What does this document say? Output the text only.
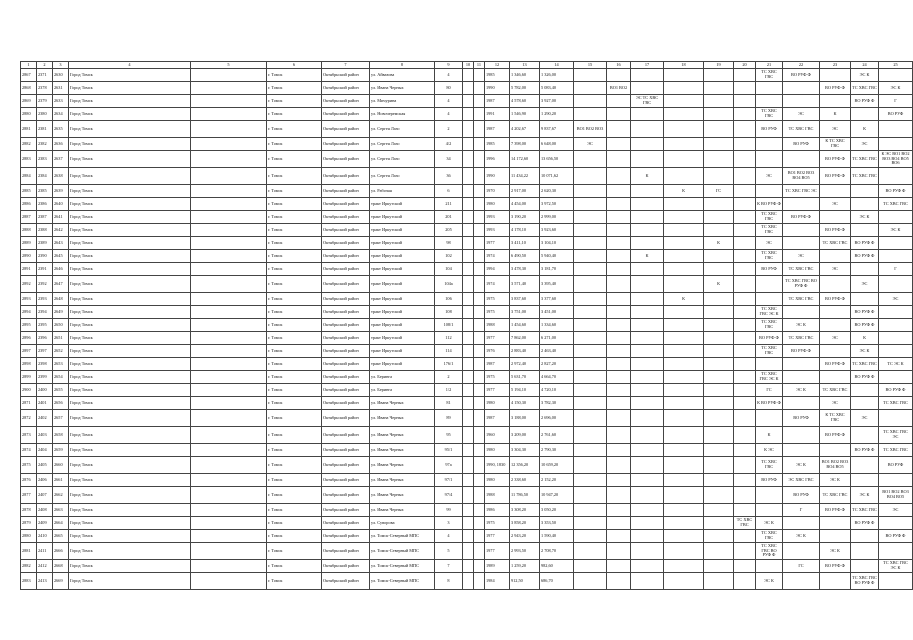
1	2	3	4	5	6	7	8	9	10	11	12	13	14	15	16	17	18	19	20	21	22	23	24	25
2867	2371	2630	Город Томск		г. Томск	Октябрьский район	ул. Айвазова	4			1985	1 346,60	1 326,00							ТС ХВС ГВС	ВО РУФ Ф		ЭС К	
2868	2378	2631	Город Томск		г. Томск	Октябрьский район	ул. Ивана Черных	80			1990	5 782,00	5 083,40		ВО1 ВО2							ВО РУФ Ф	ТС ХВС ГВС	ЭС К
2869	2379	2633	Город Томск		г. Томск	Октябрьский район	ул. Мичурина	4			1987	4 578,60	3 927,00			ЭС ТС ХВС ГВС							ВО РУФ Ф	Г
2880	2380	2634	Город Томск		г. Томск	Октябрьский район	ул. Новочеремская	4			1991	1 546,90	1 290,20							ТС ХВС ГВС	ЭС	К		ВО РУФ
2881	2381	2635	Город Томск		г. Томск	Октябрьский район	ул. Сергея Лазо	2			1987	4 202,67	9 837,67	ВО1 ВО2 ВО3						ВО РУФ	ТС ХВС ГВС	ЭС	К	
2882	2382	2636	Город Томск		г. Томск	Октябрьский район	ул. Сергея Лазо	4/2			1985	7 398,00	6 648,00	ЭС							ВО РУФ	К ТС ХВС ГВС	ЭС	
2883	2383	2637	Город Томск		г. Томск	Октябрьский район	ул. Сергея Лазо	34			1996	14 172,60	13 656,50									ВО РУФ Ф	ТС ХВС ГВС	К ЭС ВО1 ВО2 ВО3 ВО4 ВО5 ВО6
2884	2384	2638	Город Томск		г. Томск	Октябрьский район	ул. Сергея Лазо	36			1990	11 434,22	10 071,62			К				ЭС	ВО1 ВО2 ВО3 ВО4 ВО5	ВО РУФ Ф	ТС ХВС ГВС	
2885	2385	2639	Город Томск		г. Томск	Октябрьский район	ул. Рабочая	6			1970	2 917,00	2 620,30				К	ГС			ТС ХВС ГВС ЭС			ВО РУФ Ф
2886	2386	2640	Город Томск		г. Томск	Октябрьский район	тракт Иркутский	211			1980	4 454,00	3 972,50							К ВО РУФ Ф		ЭС		ТС ХВС ГВС
2887	2387	2641	Город Томск		г. Томск	Октябрьский район	тракт Иркутский	201			1993	3 190,20	2 999,00							ТС ХВС ГВС	ВО РУФ Ф		ЭС К	
2888	2388	2642	Город Томск		г. Томск	Октябрьский район	тракт Иркутский	205			1993	4 178,10	3 923,60							ТС ХВС ГВС		ВО РУФ Ф		ЭС К
2889	2389	2643	Город Томск		г. Томск	Октябрьский район	тракт Иркутский	98			1977	3 411,10	3 104,10					К		ЭС		ТС ХВС ГВС	ВО РУФ Ф	
2890	2390	2645	Город Томск		г. Томск	Октябрьский район	тракт Иркутский	102			1974	6 490,50	5 940,40			К				ТС ХВС ГВС	ЭС		ВО РУФ Ф	
2891	2391	2646	Город Томск		г. Томск	Октябрьский район	тракт Иркутский	104			1994	3 478,30	3 181,70							ВО РУФ	ТС ХВС ГВС	ЭС		Г
2892	2392	2647	Город Томск		г. Томск	Октябрьский район	тракт Иркутский	104а			1974	3 571,40	3 395,40					К			ТС ХВС ГВС ВО РУФ Ф		ЭС	
2893	2393	2648	Город Томск		г. Томск	Октябрьский район	тракт Иркутский	106			1975	3 837,60	3 377,60				К				ТС ХВС ГВС	ВО РУФ Ф		ЭС
2894	2394	2649	Город Томск		г. Томск	Октябрьский район	тракт Иркутский	108			1975	3 751,00	3 451,00							ТС ХВС ГВС ЭС К			ВО РУФ Ф	
2895	2395	2650	Город Томск		г. Томск	Октябрьский район	тракт Иркутский	108/1			1988	1 454,60	1 334,60							ТС ХВС ГВС	ЭС К		ВО РУФ Ф	
2896	2396	2651	Город Томск		г. Томск	Октябрьский район	тракт Иркутский	112			1977	7 862,00	6 271,00							ВО РУФ Ф	ТС ХВС ГВС	ЭС	К	
2897	2397	2652	Город Томск		г. Томск	Октябрьский район	тракт Иркутский	114			1976	2 883,40	2 463,40							ТС ХВС ГВС	ВО РУФ Ф		ЭС К	
2898	2398	2653	Город Томск		г. Томск	Октябрьский район	тракт Иркутский	176/1			1987	2 972,40	2 827,20									ВО РУФ Ф	ТС ХВС ГВС	ТС ЭС К
2899	2399	2654	Город Томск		г. Томск	Октябрьский район	ул. Беринга	2			1975	5 631,70	4 664,70							ТС ХВС ГВС ЭС К			ВО РУФ Ф	
2900	2400	2655	Город Томск		г. Томск	Октябрьский район	ул. Беринга	1/2			1977	5 194,10	4 720,10							ГС	ЭС К	ТС ХВС ГВС		ВО РУФ Ф
2871	2401	2656	Город Томск		г. Томск	Октябрьский район	ул. Ивана Черных	81			1980	4 150,30	3 782,30							К ВО РУФ Ф		ЭС		ТС ХВС ГВС
2872	2402	2657	Город Томск		г. Томск	Октябрьский район	ул. Ивана Черных	89			1987	3 188,00	2 696,00								ВО РУФ	К ТС ХВС ГВС	ЭС	
2873	2403	2658	Город Томск		г. Томск	Октябрьский район	ул. Ивана Черных	95			1960	3 209,00	2 761,60							К		ВО РУФ Ф		ТС ХВС ГВС ЭС
2874	2404	2659	Город Томск		г. Томск	Октябрьский район	ул. Ивана Черных	95/1			1980	3 304,30	2 790,30							К ЭС			ВО РУФ Ф	ТС ХВС ГВС
2875	2405	2660	Город Томск		г. Томск	Октябрьский район	ул. Ивана Черных	97а			1990, 1830	12 356,20	10 659,20							ТС ХВС ГВС	ЭС К	ВО1 ВО2 ВО3 ВО4 ВО5		ВО РУФ
2876	2406	2661	Город Томск		г. Томск	Октябрьский район	ул. Ивана Черных	97/1			1980	2 338,60	2 152,20							ВО РУФ	ЭС ХВС ГВС	ЭС К		
2877	2407	2662	Город Томск		г. Томск	Октябрьский район	ул. Ивана Черных	97/4			1988	11 786,50	10 947,20								ВО РУФ	ТС ХВС ГВС	ЭС К	ВО1 ВО2 ВО3 ВО4 ВО5
2878	2408	2663	Город Томск		г. Томск	Октябрьский район	ул. Ивана Черных	99			1986	3 308,20	3 050,20								Г	ВО РУФ Ф	ТС ХВС ГВС	ЭС
2879	2409	2664	Город Томск		г. Томск	Октябрьский район	ул. Суворова	3			1975	3 858,20	3 353,50						ТС ХВС ГВС	ЭС К			ВО РУФ Ф	
2880	2410	2665	Город Томск		г. Томск	Октябрьский район	ул. Томск-Северный МПС	4			1977	2 943,20	1 590,40							ТС ХВС ГВС	ЭС К			ВО РУФ Ф
2881	2411	2666	Город Томск		г. Томск	Октябрьский район	ул. Томск-Северный МПС	5			1977	2 993,50	2 708,70							ТС ХВС ГВС ВО РУФ Ф		ЭС К		
2882	2412	2668	Город Томск		г. Томск	Октябрьский район	ул. Томск-Северный МПС	7			1989	1 259,20	982,60								ГС	ВО РУФ Ф		ТС ХВС ГВС ЭС К
2883	2413	2669	Город Томск		г. Томск	Октябрьский район	ул. Томск-Северный МПС	8			1984	912,50	686,70							ЭС К			ТС ХВС ГВС ВО РУФ Ф	
